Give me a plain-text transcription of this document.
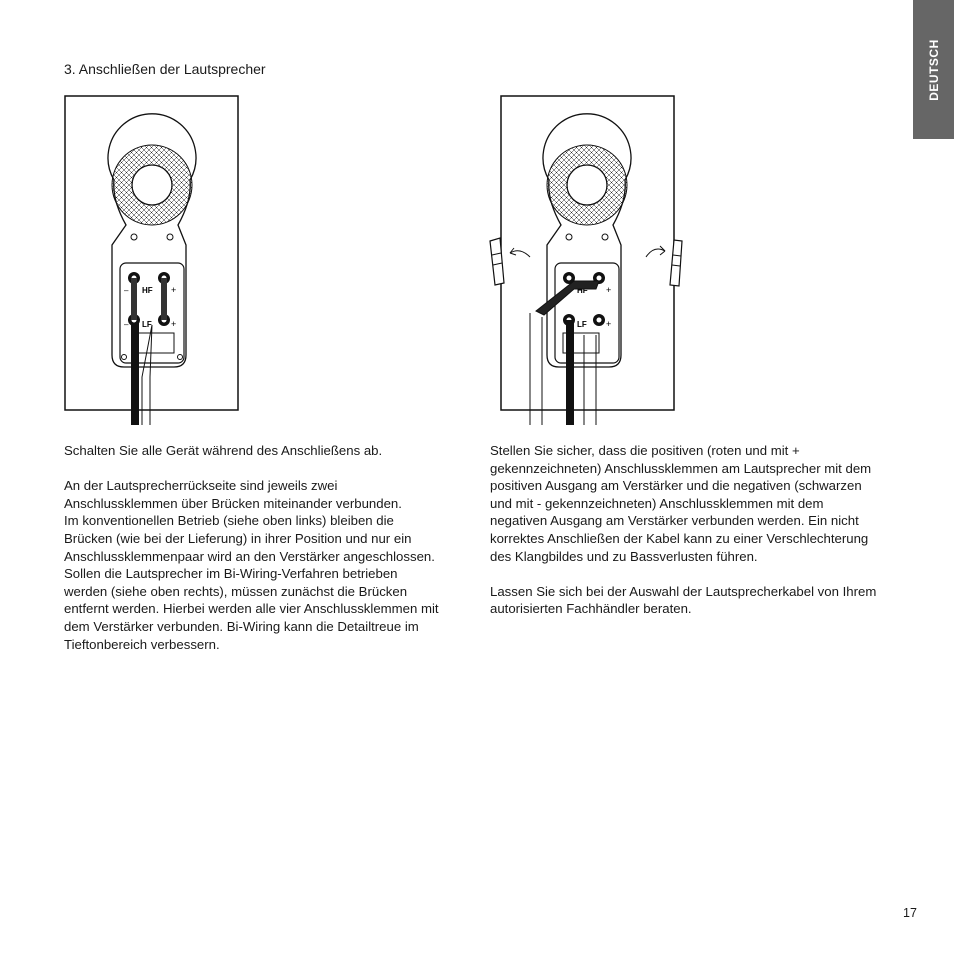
DEUTSCH
3. Anschließen der Lautsprecher
– HF +
– LF +
HF +
LF +

Schalten Sie alle Gerät während des Anschließens ab.

An der Lautsprecherrückseite sind jeweils zwei
Anschlussklemmen über Brücken miteinander verbunden.
Im konventionellen Betrieb (siehe oben links) bleiben die
Brücken (wie bei der Lieferung) in ihrer Position und nur ein
Anschlussklemmenpaar wird an den Verstärker angeschlossen.
Sollen die Lautsprecher im Bi-Wiring-Verfahren betrieben
werden (siehe oben rechts), müssen zunächst die Brücken
entfernt werden. Hierbei werden alle vier Anschlussklemmen mit
dem Verstärker verbunden. Bi-Wiring kann die Detailtreue im
Tieftonbereich verbessern.

Stellen Sie sicher, dass die positiven (roten und mit +
gekennzeichneten) Anschlussklemmen am Lautsprecher mit dem
positiven Ausgang am Verstärker und die negativen (schwarzen
und mit - gekennzeichneten) Anschlussklemmen mit dem
negativen Ausgang am Verstärker verbunden werden. Ein nicht
korrektes Anschließen der Kabel kann zu einer Verschlechterung
des Klangbildes und zu Bassverlusten führen.

Lassen Sie sich bei der Auswahl der Lautsprecherkabel von Ihrem
autorisierten Fachhändler beraten.

17
